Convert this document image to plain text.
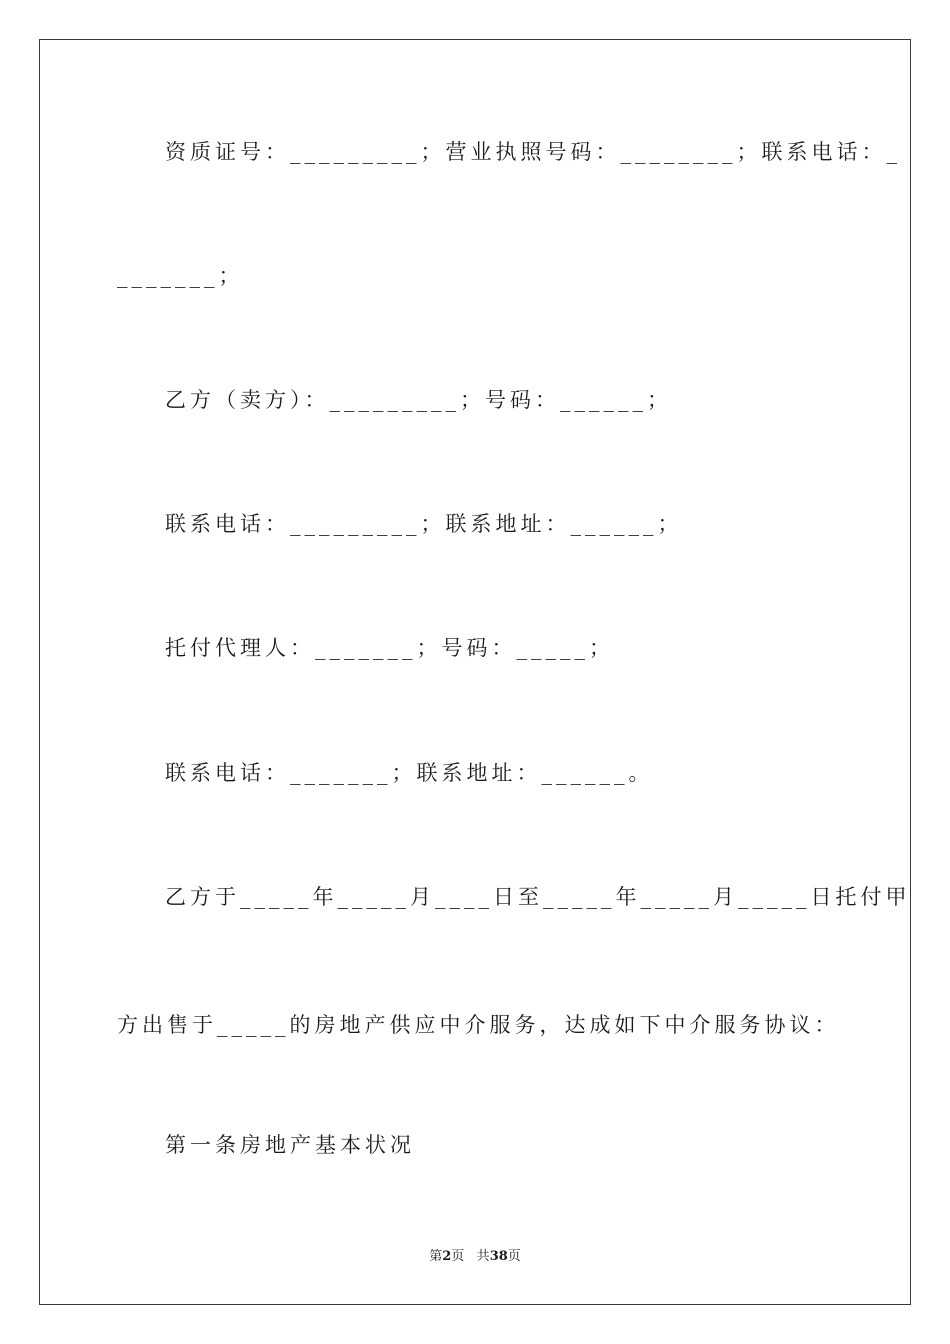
资质证号：_________；营业执照号码：________；联系电话：_
_______；
乙方（卖方）：_________；号码：______；
联系电话：_________；联系地址：______；
托付代理人：_______；号码：_____；
联系电话：_______；联系地址：______。
乙方于_____年_____月____日至_____年_____月_____日托付甲
方出售于_____的房地产供应中介服务，达成如下中介服务协议：
第一条房地产基本状况
第2页 共38页
